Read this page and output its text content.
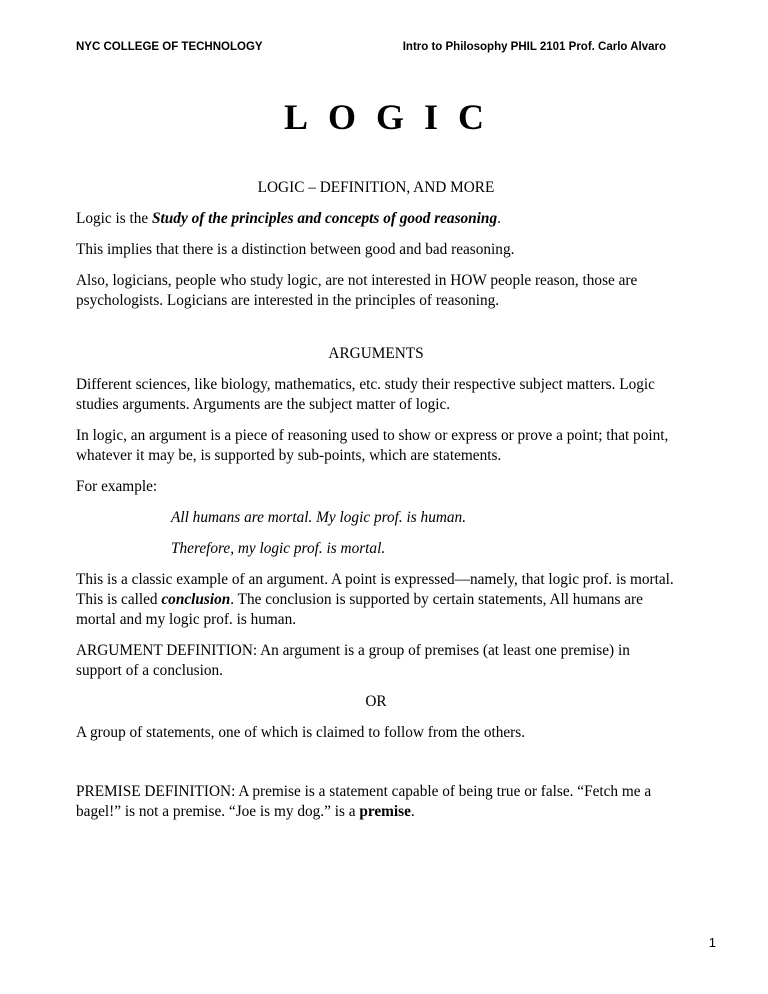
NYC COLLEGE OF TECHNOLOGY	Intro to Philosophy PHIL 2101 Prof. Carlo Alvaro
LOGIC

LOGIC – DEFINITION, AND MORE

Logic is the Study of the principles and concepts of good reasoning.

This implies that there is a distinction between good and bad reasoning.

Also, logicians, people who study logic, are not interested in HOW people reason, those are psychologists. Logicians are interested in the principles of reasoning.

ARGUMENTS

Different sciences, like biology, mathematics, etc. study their respective subject matters. Logic studies arguments. Arguments are the subject matter of logic.

In logic, an argument is a piece of reasoning used to show or express or prove a point; that point, whatever it may be, is supported by sub-points, which are statements.

For example:

All humans are mortal. My logic prof. is human.

Therefore, my logic prof. is mortal.

This is a classic example of an argument. A point is expressed—namely, that logic prof. is mortal. This is called conclusion. The conclusion is supported by certain statements, All humans are mortal and my logic prof. is human.

ARGUMENT DEFINITION: An argument is a group of premises (at least one premise) in support of a conclusion.

OR

A group of statements, one of which is claimed to follow from the others.

PREMISE DEFINITION: A premise is a statement capable of being true or false. “Fetch me a bagel!” is not a premise. “Joe is my dog.” is a premise.

1
